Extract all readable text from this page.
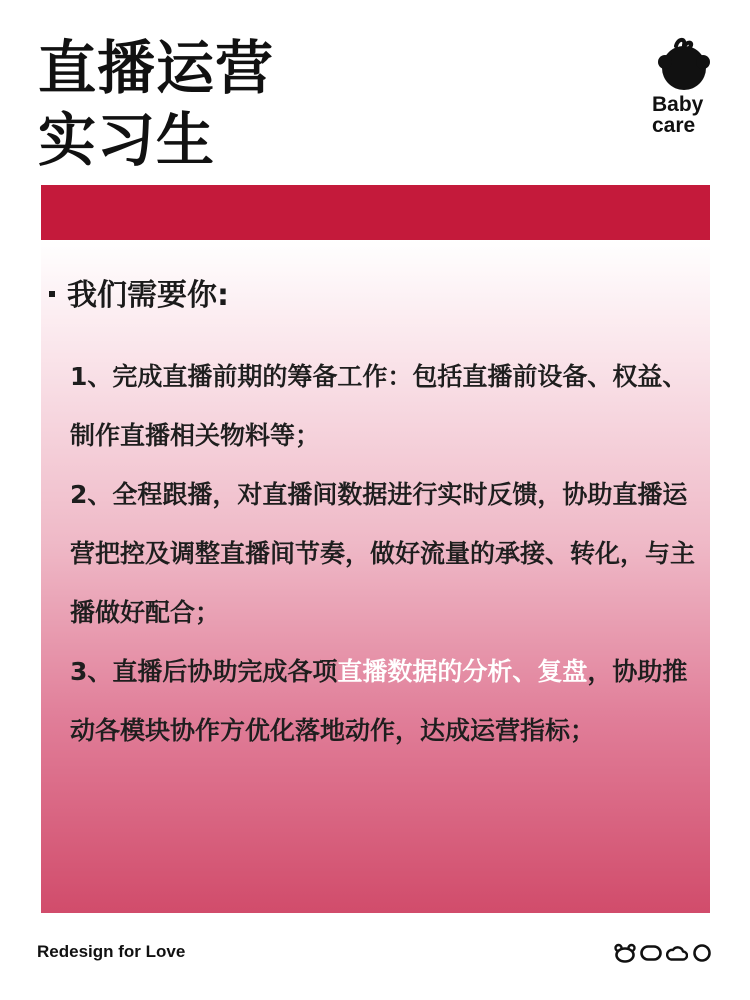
直播运营
实习生
Baby
care
我们需要你:

1、完成直播前期的筹备工作：包括直播前设备、权益、制作直播相关物料等；

2、全程跟播，对直播间数据进行实时反馈，协助直播运营把控及调整直播间节奏，做好流量的承接、转化，与主播做好配合；

3、直播后协助完成各项直播数据的分析、复盘，协助推动各模块协作方优化落地动作，达成运营指标；

Redesign for Love
